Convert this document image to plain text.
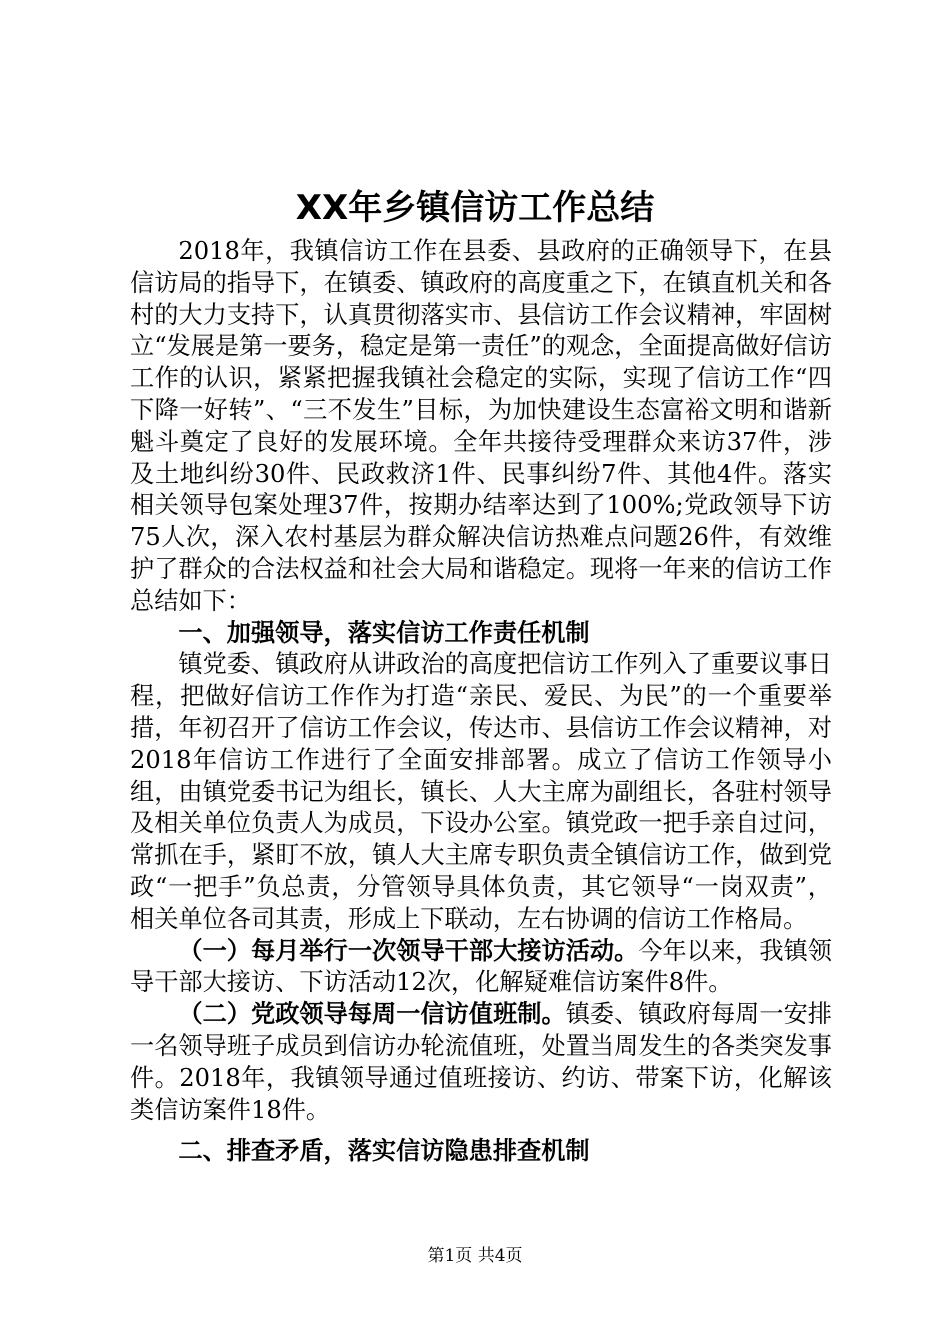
XX年乡镇信访工作总结

2018年，我镇信访工作在县委、县政府的正确领导下，在县信访局的指导下，在镇委、镇政府的高度重之下，在镇直机关和各村的大力支持下，认真贯彻落实市、县信访工作会议精神，牢固树立“发展是第一要务，稳定是第一责任”的观念，全面提高做好信访工作的认识，紧紧把握我镇社会稳定的实际，实现了信访工作“四下降一好转”、“三不发生”目标，为加快建设生态富裕文明和谐新魁斗奠定了良好的发展环境。全年共接待受理群众来访37件，涉及土地纠纷30件、民政救济1件、民事纠纷7件、其他4件。落实相关领导包案处理37件，按期办结率达到了100%;党政领导下访75人次，深入农村基层为群众解决信访热难点问题26件，有效维护了群众的合法权益和社会大局和谐稳定。现将一年来的信访工作总结如下：

一、加强领导，落实信访工作责任机制

镇党委、镇政府从讲政治的高度把信访工作列入了重要议事日程，把做好信访工作作为打造“亲民、爱民、为民”的一个重要举措，年初召开了信访工作会议，传达市、县信访工作会议精神，对2018年信访工作进行了全面安排部署。成立了信访工作领导小组，由镇党委书记为组长，镇长、人大主席为副组长，各驻村领导及相关单位负责人为成员，下设办公室。镇党政一把手亲自过问，常抓在手，紧盯不放，镇人大主席专职负责全镇信访工作，做到党政“一把手”负总责，分管领导具体负责，其它领导“一岗双责”，相关单位各司其责，形成上下联动，左右协调的信访工作格局。

（一）每月举行一次领导干部大接访活动。今年以来，我镇领导干部大接访、下访活动12次，化解疑难信访案件8件。

（二）党政领导每周一信访值班制。镇委、镇政府每周一安排一名领导班子成员到信访办轮流值班，处置当周发生的各类突发事件。2018年，我镇领导通过值班接访、约访、带案下访，化解该类信访案件18件。

二、排查矛盾，落实信访隐患排查机制

第1页 共4页
